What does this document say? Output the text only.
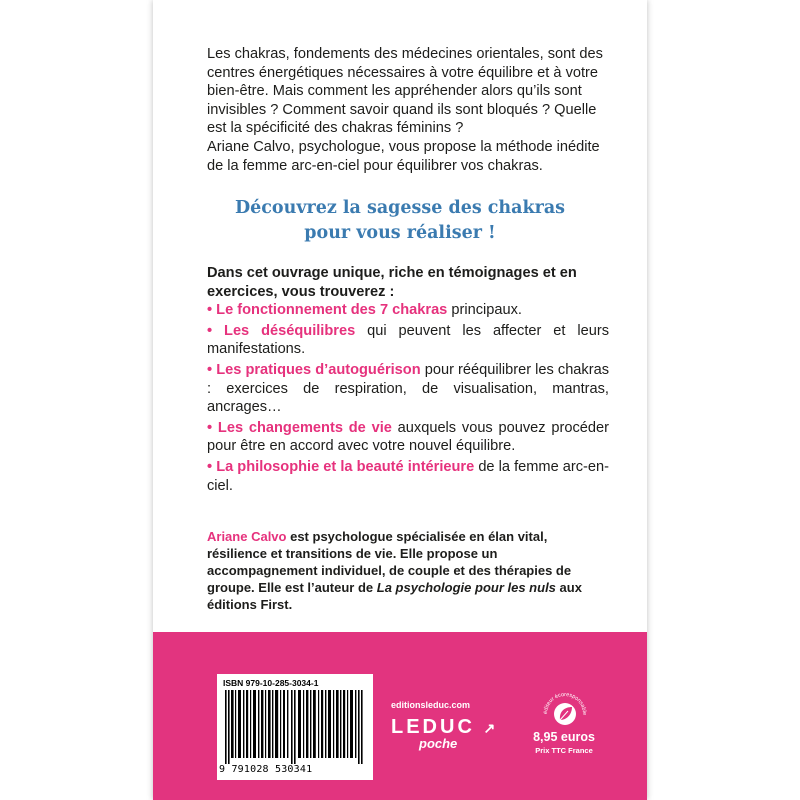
Les chakras, fondements des médecines orientales, sont des centres énergétiques nécessaires à votre équilibre et à votre bien-être. Mais comment les appréhender alors qu’ils sont invisibles ? Comment savoir quand ils sont bloqués ? Quelle est la spécificité des chakras féminins ?

Ariane Calvo, psychologue, vous propose la méthode inédite de la femme arc-en-ciel pour équilibrer vos chakras.

Découvrez la sagesse des chakras
pour vous réaliser !

Dans cet ouvrage unique, riche en témoignages et en exercices, vous trouverez :

• Le fonctionnement des 7 chakras principaux.
• Les déséquilibres qui peuvent les affecter et leurs manifestations.
• Les pratiques d’autoguérison pour rééquilibrer les chakras : exercices de respiration, de visualisation, mantras, ancrages…
• Les changements de vie auxquels vous pouvez procéder pour être en accord avec votre nouvel équilibre.
• La philosophie et la beauté intérieure de la femme arc-en-ciel.

Ariane Calvo est psychologue spécialisée en élan vital, résilience et transitions de vie. Elle propose un accompagnement individuel, de couple et des thérapies de groupe. Elle est l’auteur de La psychologie pour les nuls aux éditions First.

ISBN 979-10-285-3034-1
9 791028 530341
editionsleduc.com
LEDUC ↗
poche
éditeur écoresponsable
8,95 euros
Prix TTC France
